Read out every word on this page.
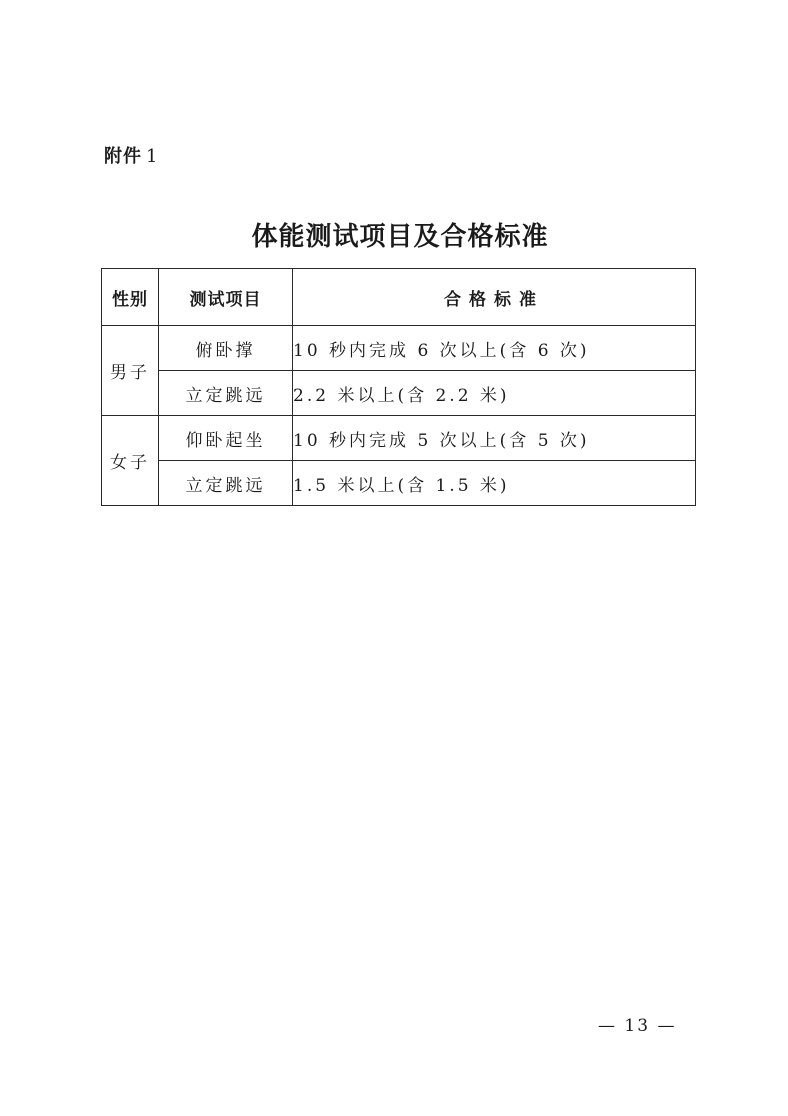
附件 1
体能测试项目及合格标准
性别	测试项目	合格标准
男子	俯卧撑	10 秒内完成 6 次以上(含 6 次)
	立定跳远	2.2 米以上(含 2.2 米)
女子	仰卧起坐	10 秒内完成 5 次以上(含 5 次)
	立定跳远	1.5 米以上(含 1.5 米)
— 13 —
